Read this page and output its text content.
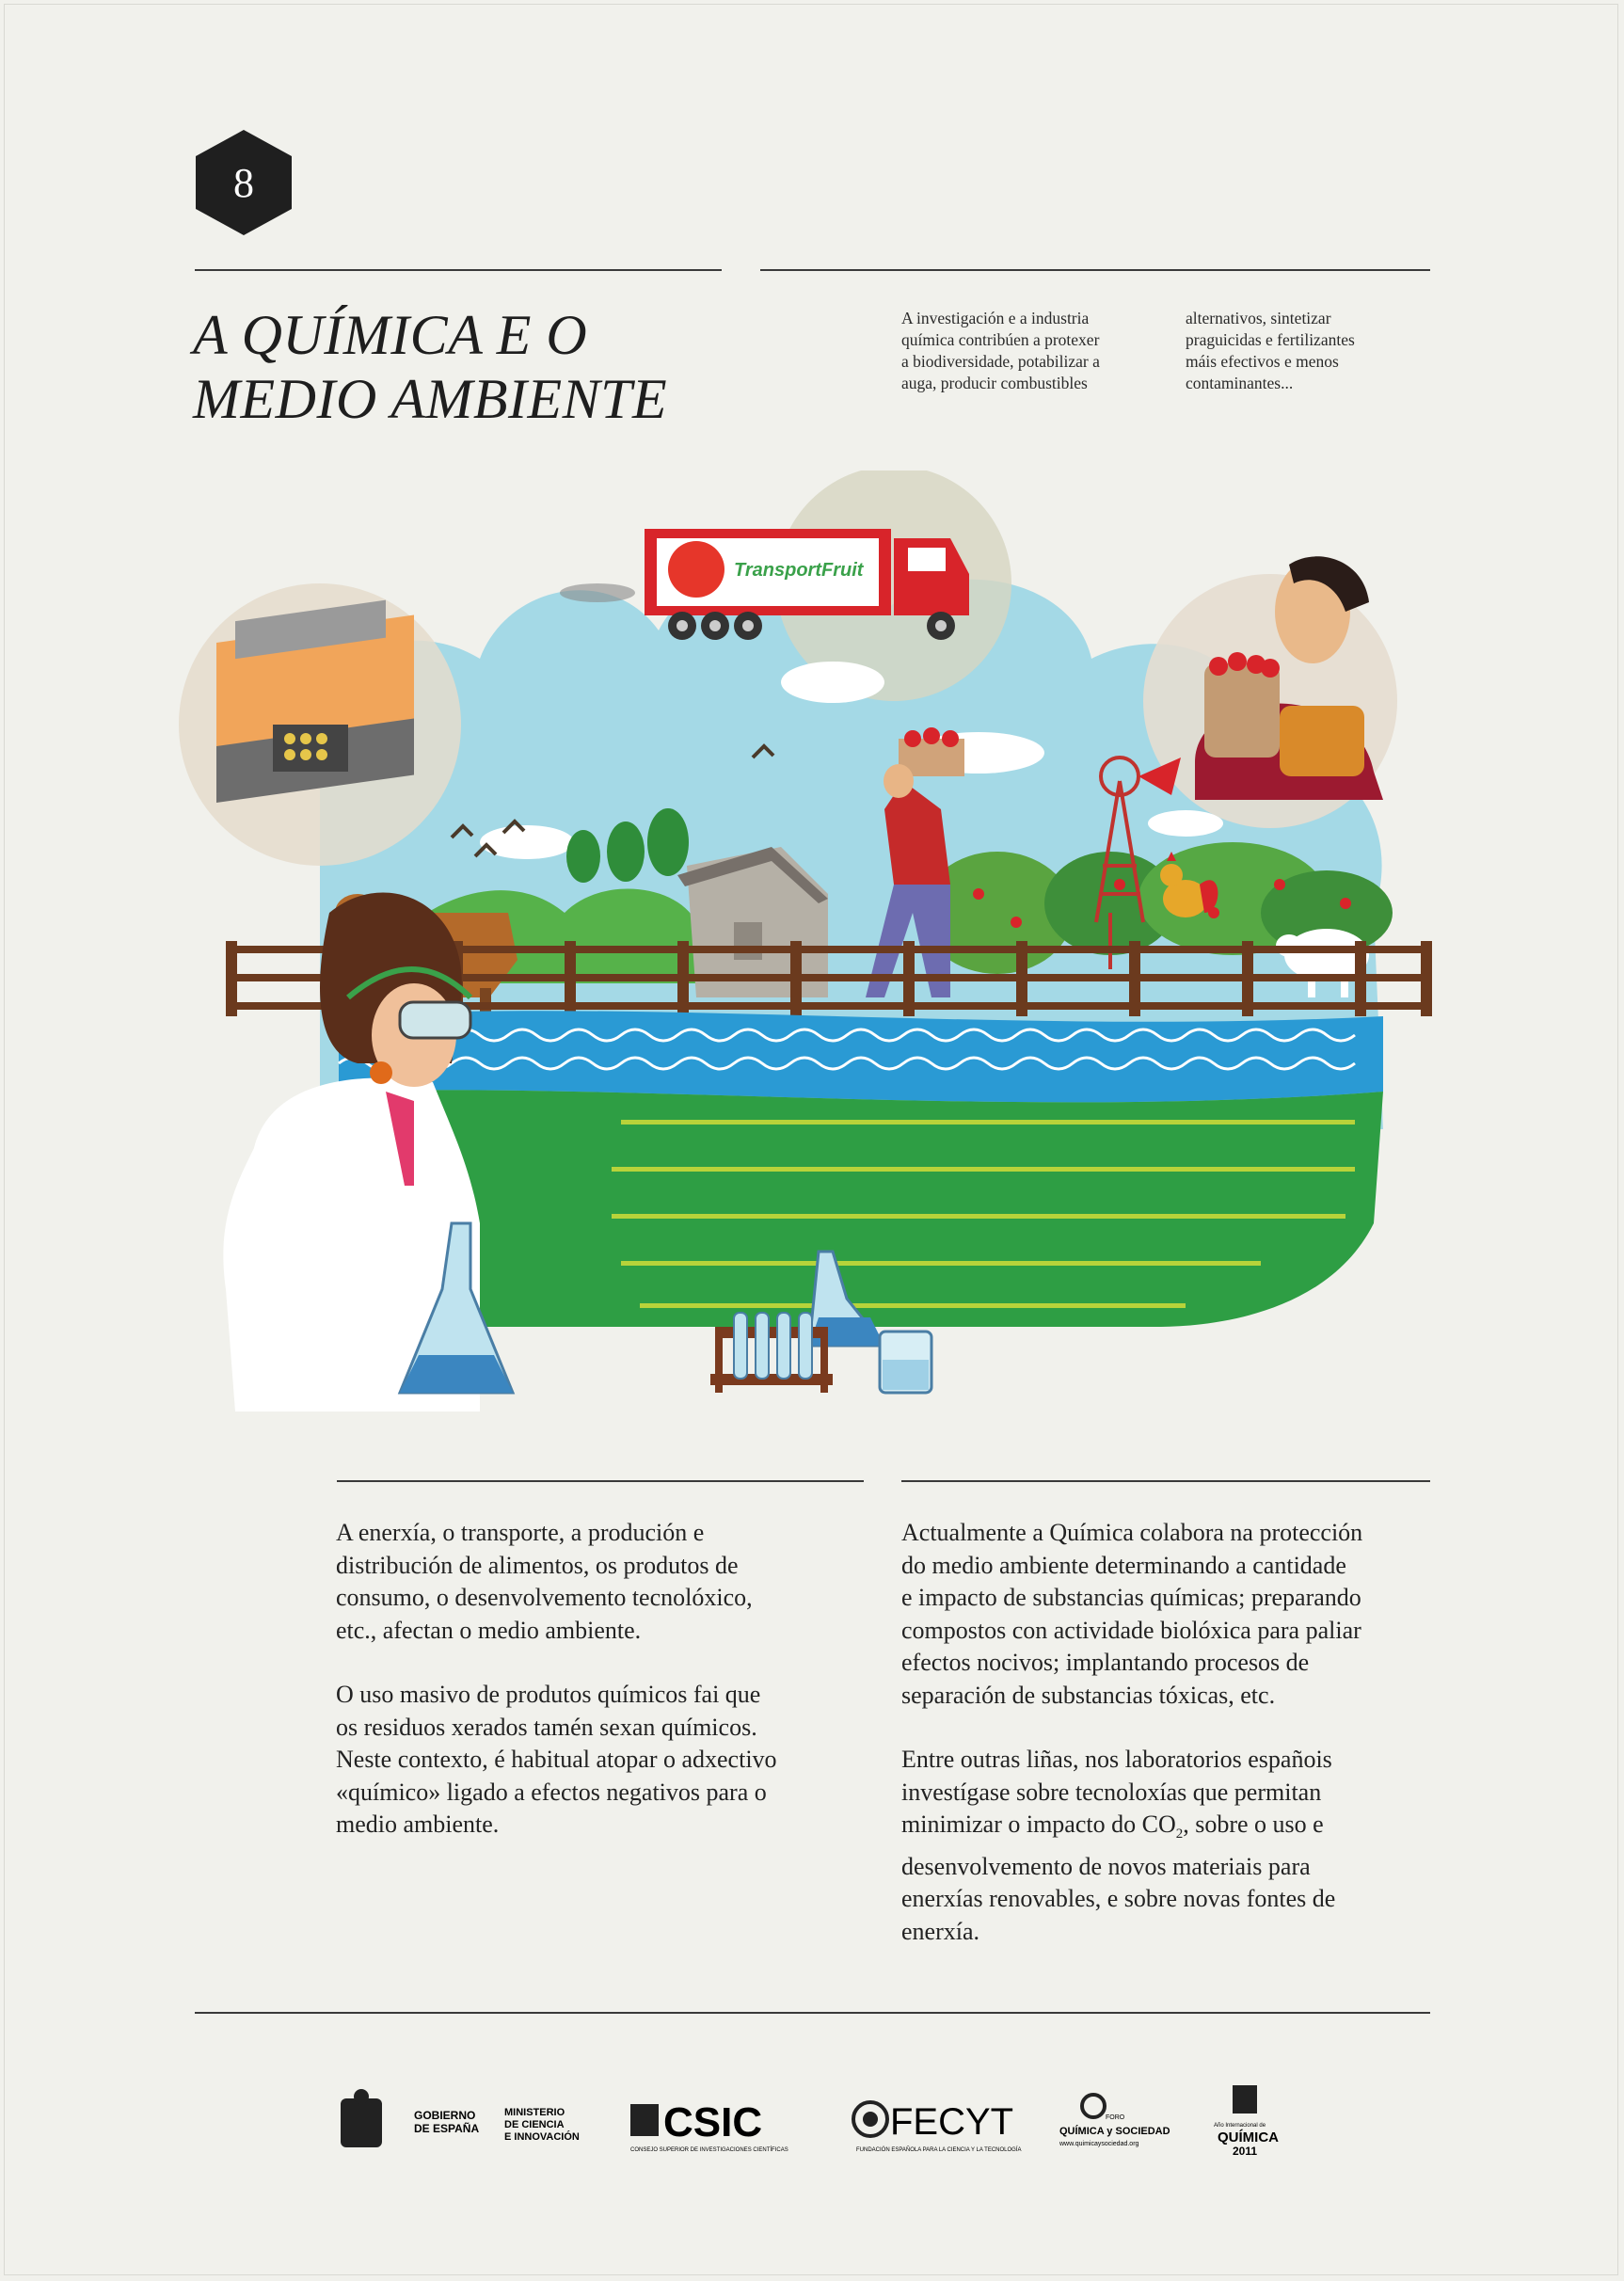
8
A QUÍMICA E O
MEDIO AMBIENTE
A investigación e a industria
química contribúen a protexer
a biodiversidade, potabilizar a
auga, producir combustibles
alternativos, sintetizar
praguicidas e fertilizantes
máis efectivos e menos
contaminantes...
TransportFruit

A enerxía, o transporte, a produción e
distribución de alimentos, os produtos de
consumo, o desenvolvemento tecnolóxico,
etc., afectan o medio ambiente.

O uso masivo de produtos químicos fai que
os residuos xerados tamén sexan químicos.
Neste contexto, é habitual atopar o adxectivo
«químico» ligado a efectos negativos para o
medio ambiente.

Actualmente a Química colabora na protección
do medio ambiente determinando a cantidade
e impacto de substancias químicas; preparando
compostos con actividade biolóxica para paliar
efectos nocivos; implantando procesos de
separación de substancias tóxicas, etc.

Entre outras liñas, nos laboratorios españois
investígase sobre tecnoloxías que permitan
minimizar o impacto do $CO_2$, sobre o uso e
desenvolvemento de novos materiais para
enerxías renovables, e sobre novas fontes de
enerxía.

GOBIERNO
DE ESPAÑA
MINISTERIO
DE CIENCIA
E INNOVACIÓN CSIC
CONSEJO SUPERIOR DE INVESTIGACIONES CIENTÍFICAS
FECYT
FUNDACIÓN ESPAÑOLA PARA LA CIENCIA Y LA TECNOLOGÍA
FORO
QUÍMICA y SOCIEDAD
www.quimicaysociedad.org
Año Internacional de
QUÍMICA
2011
